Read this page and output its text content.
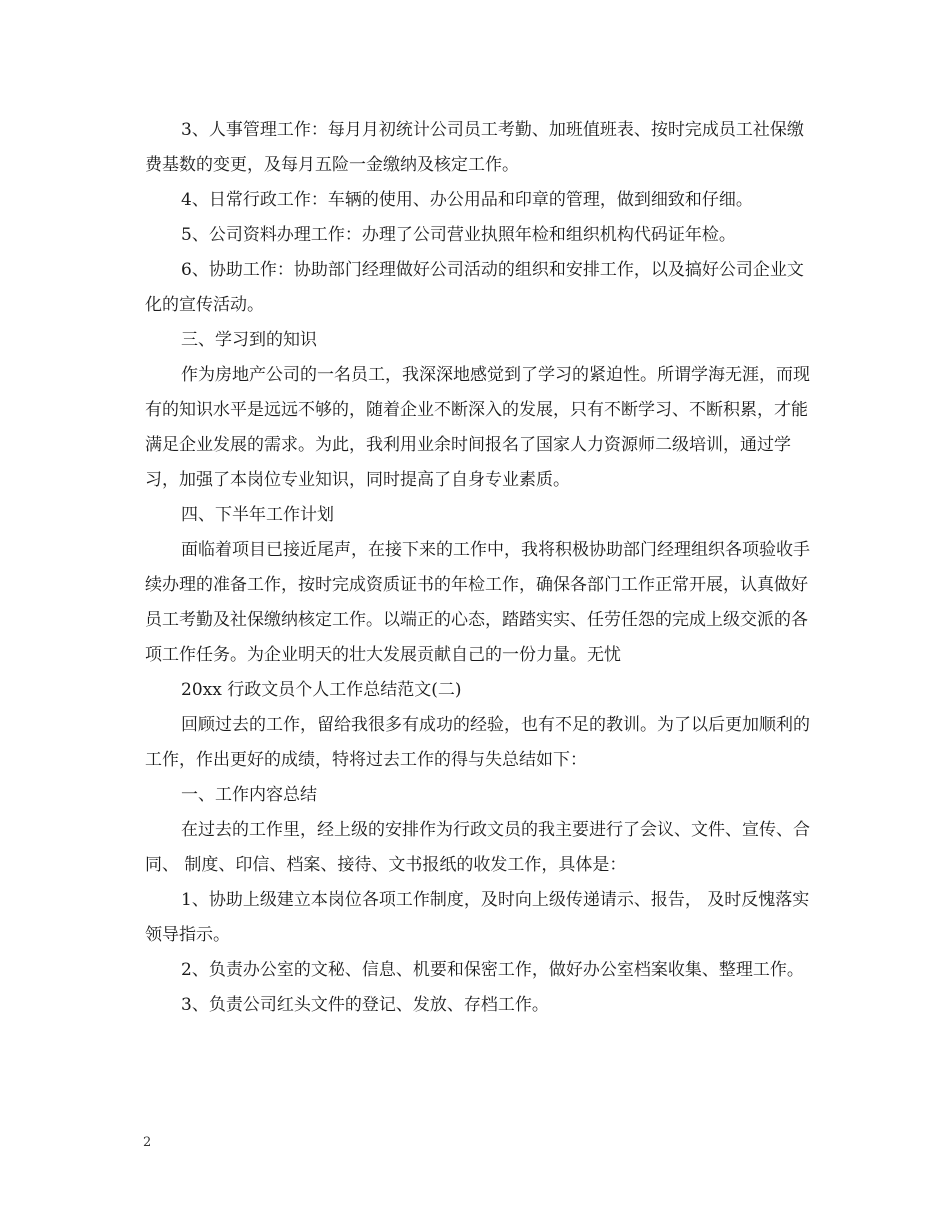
3、人事管理工作：每月月初统计公司员工考勤、加班值班表、按时完成员工社保缴费基数的变更，及每月五险一金缴纳及核定工作。

4、日常行政工作：车辆的使用、办公用品和印章的管理，做到细致和仔细。

5、公司资料办理工作：办理了公司营业执照年检和组织机构代码证年检。

6、协助工作：协助部门经理做好公司活动的组织和安排工作，以及搞好公司企业文化的宣传活动。

三、学习到的知识

作为房地产公司的一名员工，我深深地感觉到了学习的紧迫性。所谓学海无涯，而现有的知识水平是远远不够的，随着企业不断深入的发展，只有不断学习、不断积累，才能满足企业发展的需求。为此，我利用业余时间报名了国家人力资源师二级培训，通过学习，加强了本岗位专业知识，同时提高了自身专业素质。

四、下半年工作计划

面临着项目已接近尾声，在接下来的工作中，我将积极协助部门经理组织各项验收手续办理的准备工作，按时完成资质证书的年检工作，确保各部门工作正常开展，认真做好员工考勤及社保缴纳核定工作。以端正的心态，踏踏实实、任劳任怨的完成上级交派的各项工作任务。为企业明天的壮大发展贡献自己的一份力量。无忧

20xx 行政文员个人工作总结范文(二)

回顾过去的工作，留给我很多有成功的经验，也有不足的教训。为了以后更加顺利的工作，作出更好的成绩，特将过去工作的得与失总结如下：

一、工作内容总结

在过去的工作里，经上级的安排作为行政文员的我主要进行了会议、文件、宣传、合同、 制度、印信、档案、接待、文书报纸的收发工作，具体是：

1、协助上级建立本岗位各项工作制度，及时向上级传递请示、报告， 及时反愧落实领导指示。

2、负责办公室的文秘、信息、机要和保密工作，做好办公室档案收集、整理工作。

3、负责公司红头文件的登记、发放、存档工作。

2
